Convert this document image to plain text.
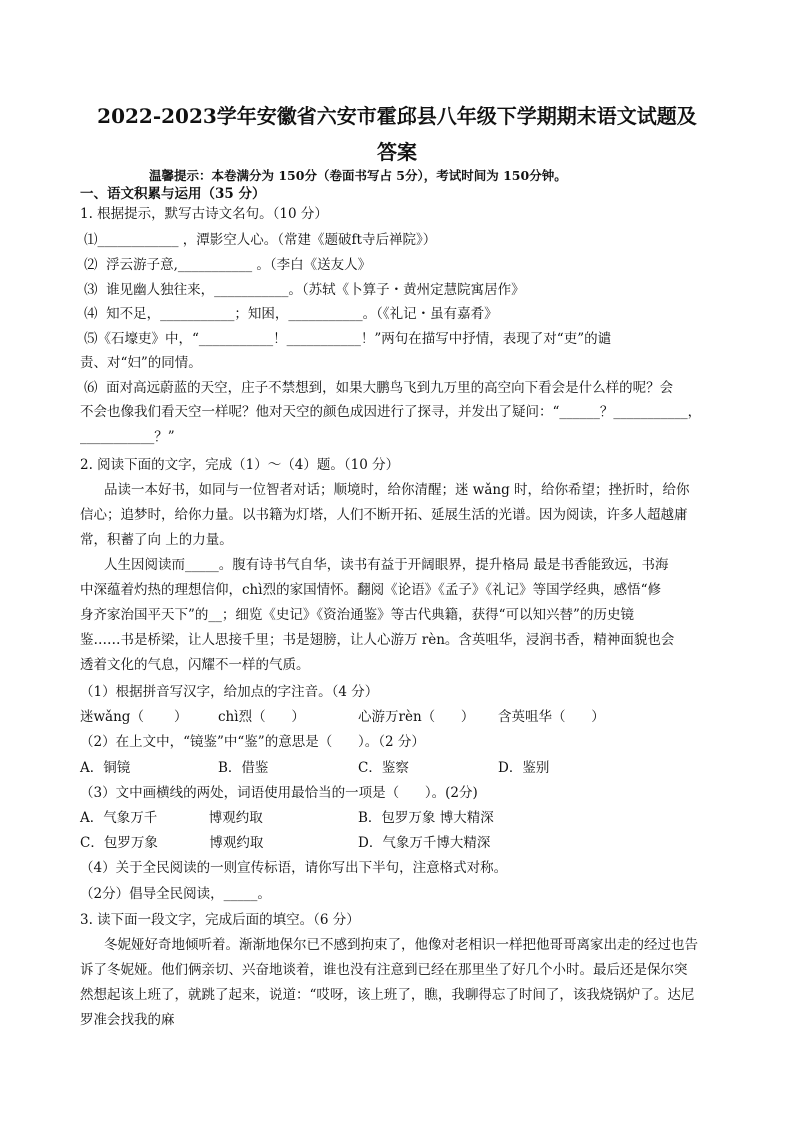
2022-2023学年安徽省六安市霍邱县八年级下学期期末语文试题及
答案
温馨提示：本卷满分为 150分（卷面书写占 5分），考试时间为 150分钟。
一、语文积累与运用（35 分）
1. 根据提示，默写古诗文名句。（10 分）
⑴____________ ，潭影空人心。（常建《题破ft寺后禅院》）
⑵  浮云游子意,___________ 。（李白《送友人》
⑶  谁见幽人独往来，___________。（苏轼《卜算子・黄州定慧院寓居作》
⑷  知不足，___________；知困，___________。（《礼记・虽有嘉肴》
⑸《石壕吏》中，“___________！___________！”两句在描写中抒情，表现了对“吏”的谴
责、对“妇”的同情。
⑹  面对高远蔚蓝的天空，庄子不禁想到，如果大鹏鸟飞到九万里的高空向下看会是什么样的呢？会
不会也像我们看天空一样呢？他对天空的颜色成因进行了探寻，并发出了疑问：“______？___________，
___________？”
2. 阅读下面的文字，完成（1）～（4）题。（10 分）
品读一本好书，如同与一位智者对话；顺境时，给你清醒；迷 wǎng 时，给你希望；挫折时，给你
信心；追梦时，给你力量。以书籍为灯塔，人们不断开拓、延展生活的光谱。因为阅读，许多人超越庸
常，积蓄了向 上的力量。
人生因阅读而_____。腹有诗书气自华，读书有益于开阔眼界，提升格局 最是书香能致远，书海
中深蕴着灼热的理想信仰，chì烈的家国情怀。翻阅《论语》《孟子》《礼记》等国学经典，感悟“修
身齐家治国平天下”的__；细览《史记》《资治通鉴》等古代典籍，获得“可以知兴替”的历史镜
鉴……书是桥梁，让人思接千里；书是翅膀，让人心游万 rèn。含英咀华，浸润书香，精神面貌也会
透着文化的气息，闪耀不一样的气质。
（1）根据拼音写汉字，给加点的字注音。（4 分）
迷wǎng（       ） chì烈（      ）	心游万rèn（      ） 含英咀华（      ）
（2）在上文中，“镜鉴”中“鉴”的意思是（      ）。（2 分）
A．铜镜	B．借鉴	C．鉴察	D．鉴别
（3）文中画横线的两处，词语使用最恰当的一项是（      ）。(2分)
A．气象万千            博观约取	B．包罗万象 博大精深
C．包罗万象            博观约取	D．气象万千博大精深
（4）关于全民阅读的一则宣传标语，请你写出下半句，注意格式对称。
（2分）倡导全民阅读，_____。
3. 读下面一段文字，完成后面的填空。（6 分）
冬妮娅好奇地倾听着。渐渐地保尔已不感到拘束了，他像对老相识一样把他哥哥离家出走的经过也告
诉了冬妮娅。他们俩亲切、兴奋地谈着，谁也没有注意到已经在那里坐了好几个小时。最后还是保尔突
然想起该上班了，就跳了起来，说道：“哎呀，该上班了，瞧，我聊得忘了时间了，该我烧锅炉了。达尼
罗准会找我的麻
